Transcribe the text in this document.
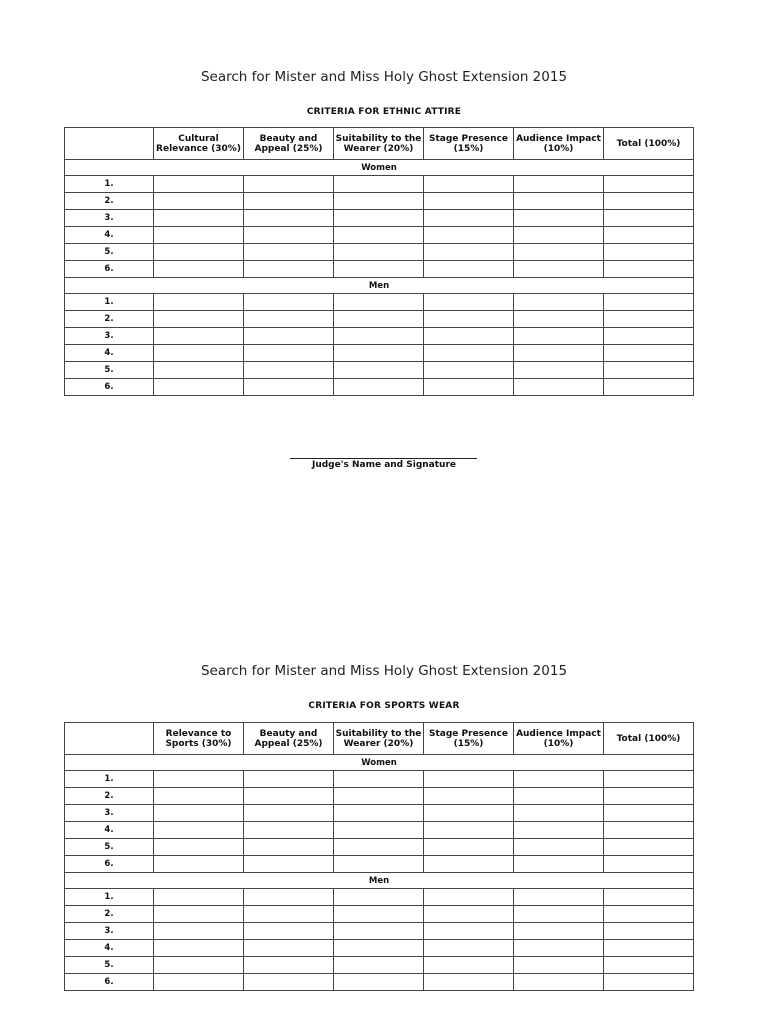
Search for Mister and Miss Holy Ghost Extension 2015
CRITERIA FOR ETHNIC ATTIRE
	Cultural Relevance (30%)	Beauty and Appeal (25%)	Suitability to the Wearer (20%)	Stage Presence (15%)	Audience Impact (10%)	Total (100%)
Women						
1.						
2.						
3.						
4.						
5.						
6.						
Men						
1.						
2.						
3.						
4.						
5.						
6.						
Judge's Name and Signature
Search for Mister and Miss Holy Ghost Extension 2015
CRITERIA FOR SPORTS WEAR
	Relevance to Sports (30%)	Beauty and Appeal (25%)	Suitability to the Wearer (20%)	Stage Presence (15%)	Audience Impact (10%)	Total (100%)
Women						
1.						
2.						
3.						
4.						
5.						
6.						
Men						
1.						
2.						
3.						
4.						
5.						
6.						
